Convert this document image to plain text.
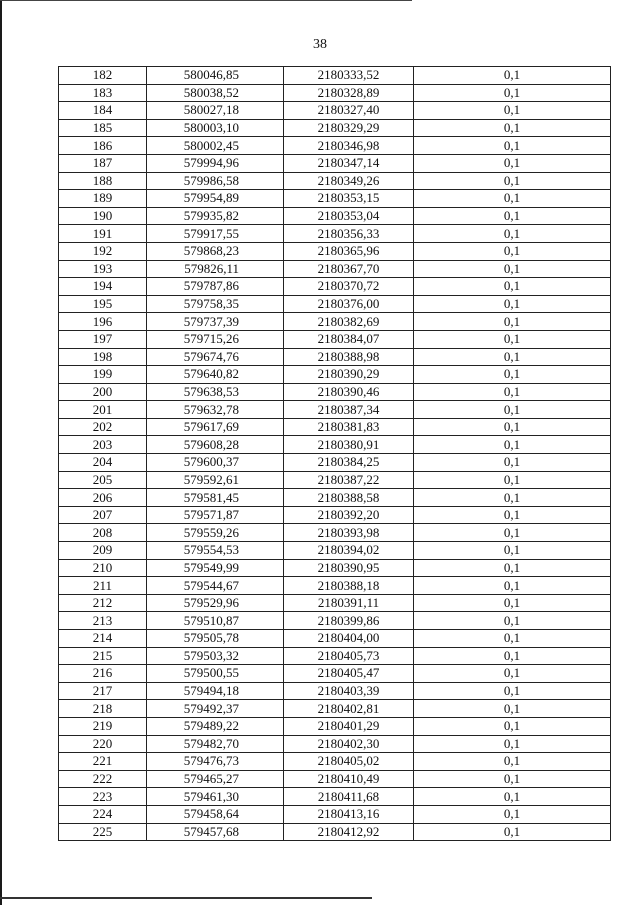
38
182	580046,85	2180333,52	0,1
183	580038,52	2180328,89	0,1
184	580027,18	2180327,40	0,1
185	580003,10	2180329,29	0,1
186	580002,45	2180346,98	0,1
187	579994,96	2180347,14	0,1
188	579986,58	2180349,26	0,1
189	579954,89	2180353,15	0,1
190	579935,82	2180353,04	0,1
191	579917,55	2180356,33	0,1
192	579868,23	2180365,96	0,1
193	579826,11	2180367,70	0,1
194	579787,86	2180370,72	0,1
195	579758,35	2180376,00	0,1
196	579737,39	2180382,69	0,1
197	579715,26	2180384,07	0,1
198	579674,76	2180388,98	0,1
199	579640,82	2180390,29	0,1
200	579638,53	2180390,46	0,1
201	579632,78	2180387,34	0,1
202	579617,69	2180381,83	0,1
203	579608,28	2180380,91	0,1
204	579600,37	2180384,25	0,1
205	579592,61	2180387,22	0,1
206	579581,45	2180388,58	0,1
207	579571,87	2180392,20	0,1
208	579559,26	2180393,98	0,1
209	579554,53	2180394,02	0,1
210	579549,99	2180390,95	0,1
211	579544,67	2180388,18	0,1
212	579529,96	2180391,11	0,1
213	579510,87	2180399,86	0,1
214	579505,78	2180404,00	0,1
215	579503,32	2180405,73	0,1
216	579500,55	2180405,47	0,1
217	579494,18	2180403,39	0,1
218	579492,37	2180402,81	0,1
219	579489,22	2180401,29	0,1
220	579482,70	2180402,30	0,1
221	579476,73	2180405,02	0,1
222	579465,27	2180410,49	0,1
223	579461,30	2180411,68	0,1
224	579458,64	2180413,16	0,1
225	579457,68	2180412,92	0,1
